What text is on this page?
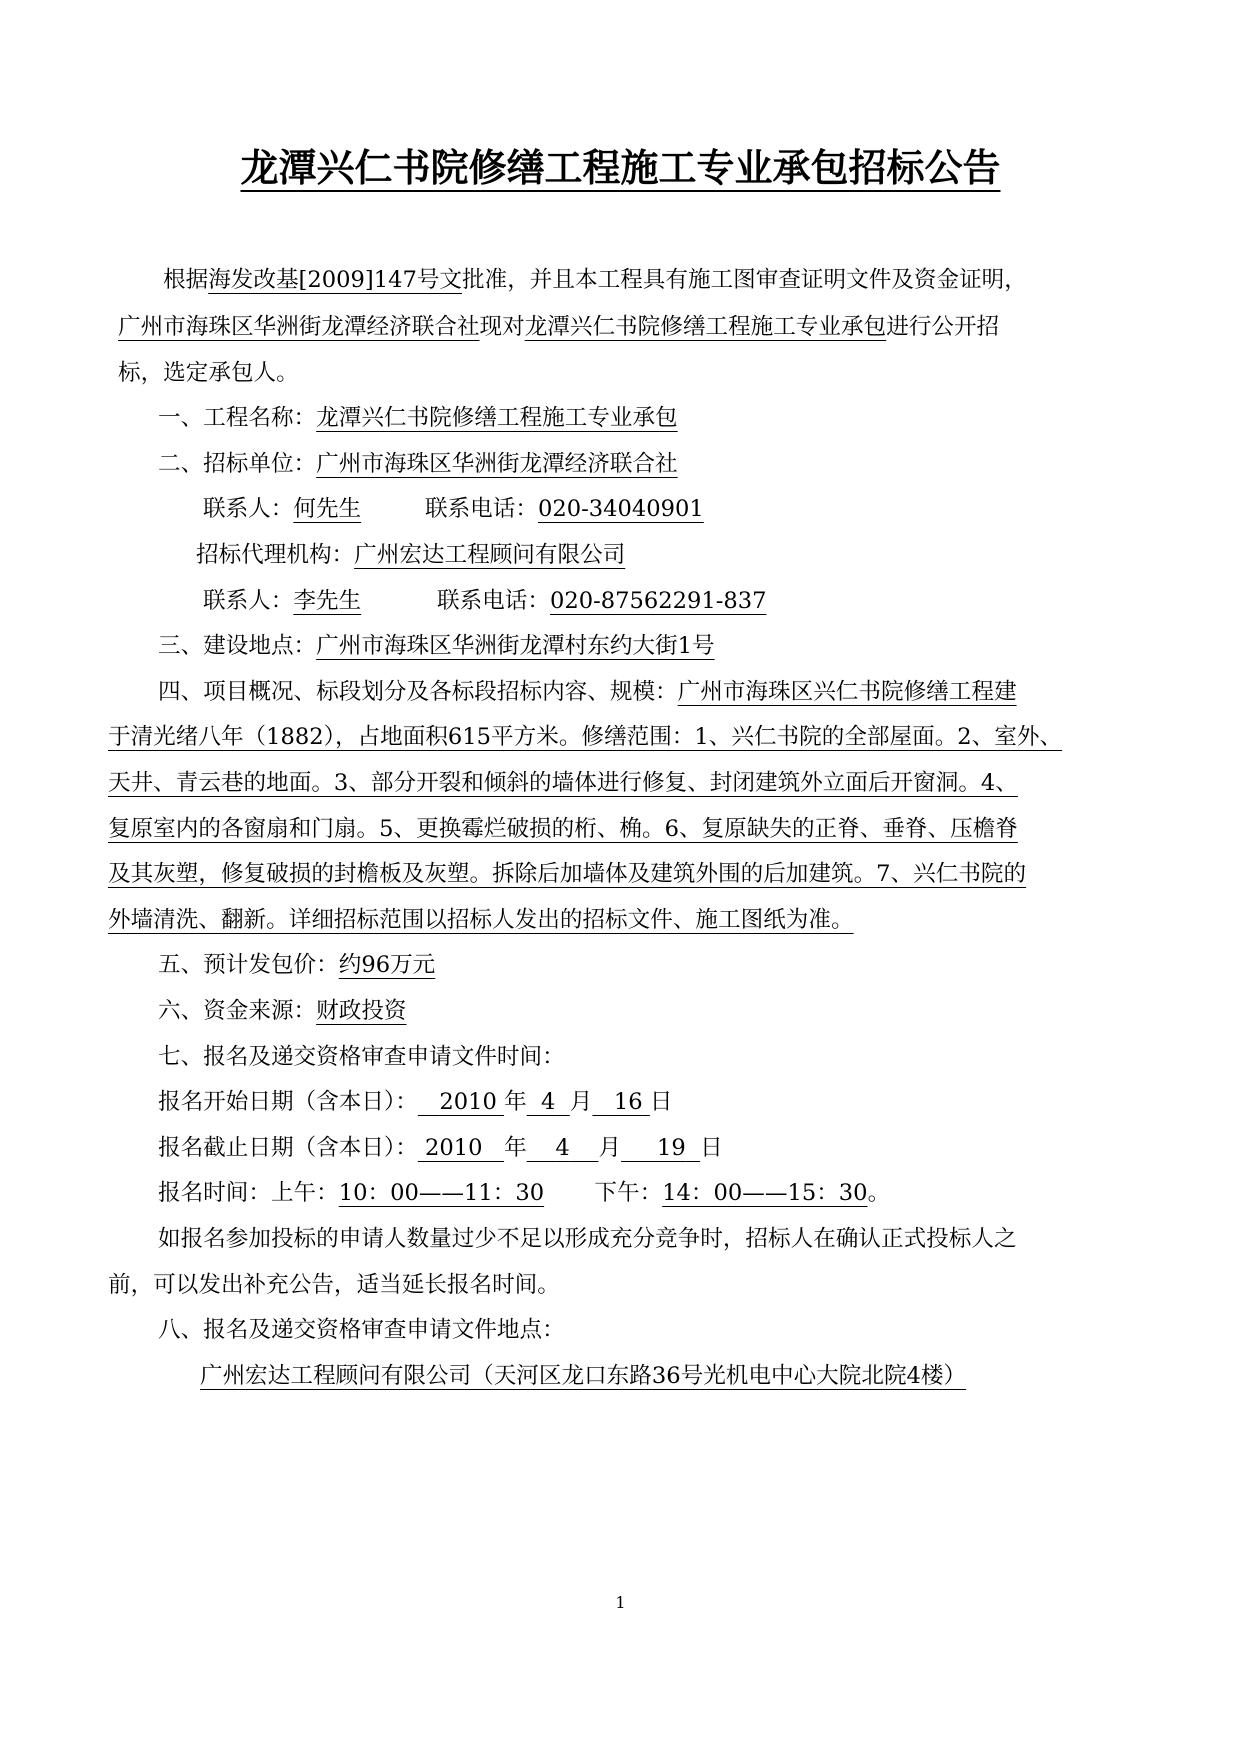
龙潭兴仁书院修缮工程施工专业承包招标公告
根据海发改基[2009]147号文批准，并且本工程具有施工图审查证明文件及资金证明，
广州市海珠区华洲街龙潭经济联合社现对龙潭兴仁书院修缮工程施工专业承包进行公开招
标，选定承包人。
一、工程名称：龙潭兴仁书院修缮工程施工专业承包
二、招标单位：广州市海珠区华洲街龙潭经济联合社
联系人：何先生	联系电话：020-34040901
招标代理机构：广州宏达工程顾问有限公司
联系人：李先生	联系电话：020-87562291-837
三、建设地点：广州市海珠区华洲街龙潭村东约大街1号
四、项目概况、标段划分及各标段招标内容、规模：广州市海珠区兴仁书院修缮工程建
于清光绪八年（1882），占地面积615平方米。修缮范围：1、兴仁书院的全部屋面。2、室外、
天井、青云巷的地面。3、部分开裂和倾斜的墙体进行修复、封闭建筑外立面后开窗洞。4、
复原室内的各窗扇和门扇。5、更换霉烂破损的桁、桷。6、复原缺失的正脊、垂脊、压檐脊
及其灰塑，修复破损的封檐板及灰塑。拆除后加墙体及建筑外围的后加建筑。7、兴仁书院的
外墙清洗、翻新。详细招标范围以招标人发出的招标文件、施工图纸为准。
五、预计发包价：约96万元
六、资金来源：财政投资
七、报名及递交资格审查申请文件时间：
报名开始日期（含本日）： 2010 年 4 月 16 日
报名截止日期（含本日）： 2010 年 4 月 19 日
报名时间：上午：10：00——11：30 下午：14：00——15：30。
如报名参加投标的申请人数量过少不足以形成充分竞争时，招标人在确认正式投标人之
前，可以发出补充公告，适当延长报名时间。
八、报名及递交资格审查申请文件地点：
广州宏达工程顾问有限公司（天河区龙口东路36号光机电中心大院北院4楼）
1
